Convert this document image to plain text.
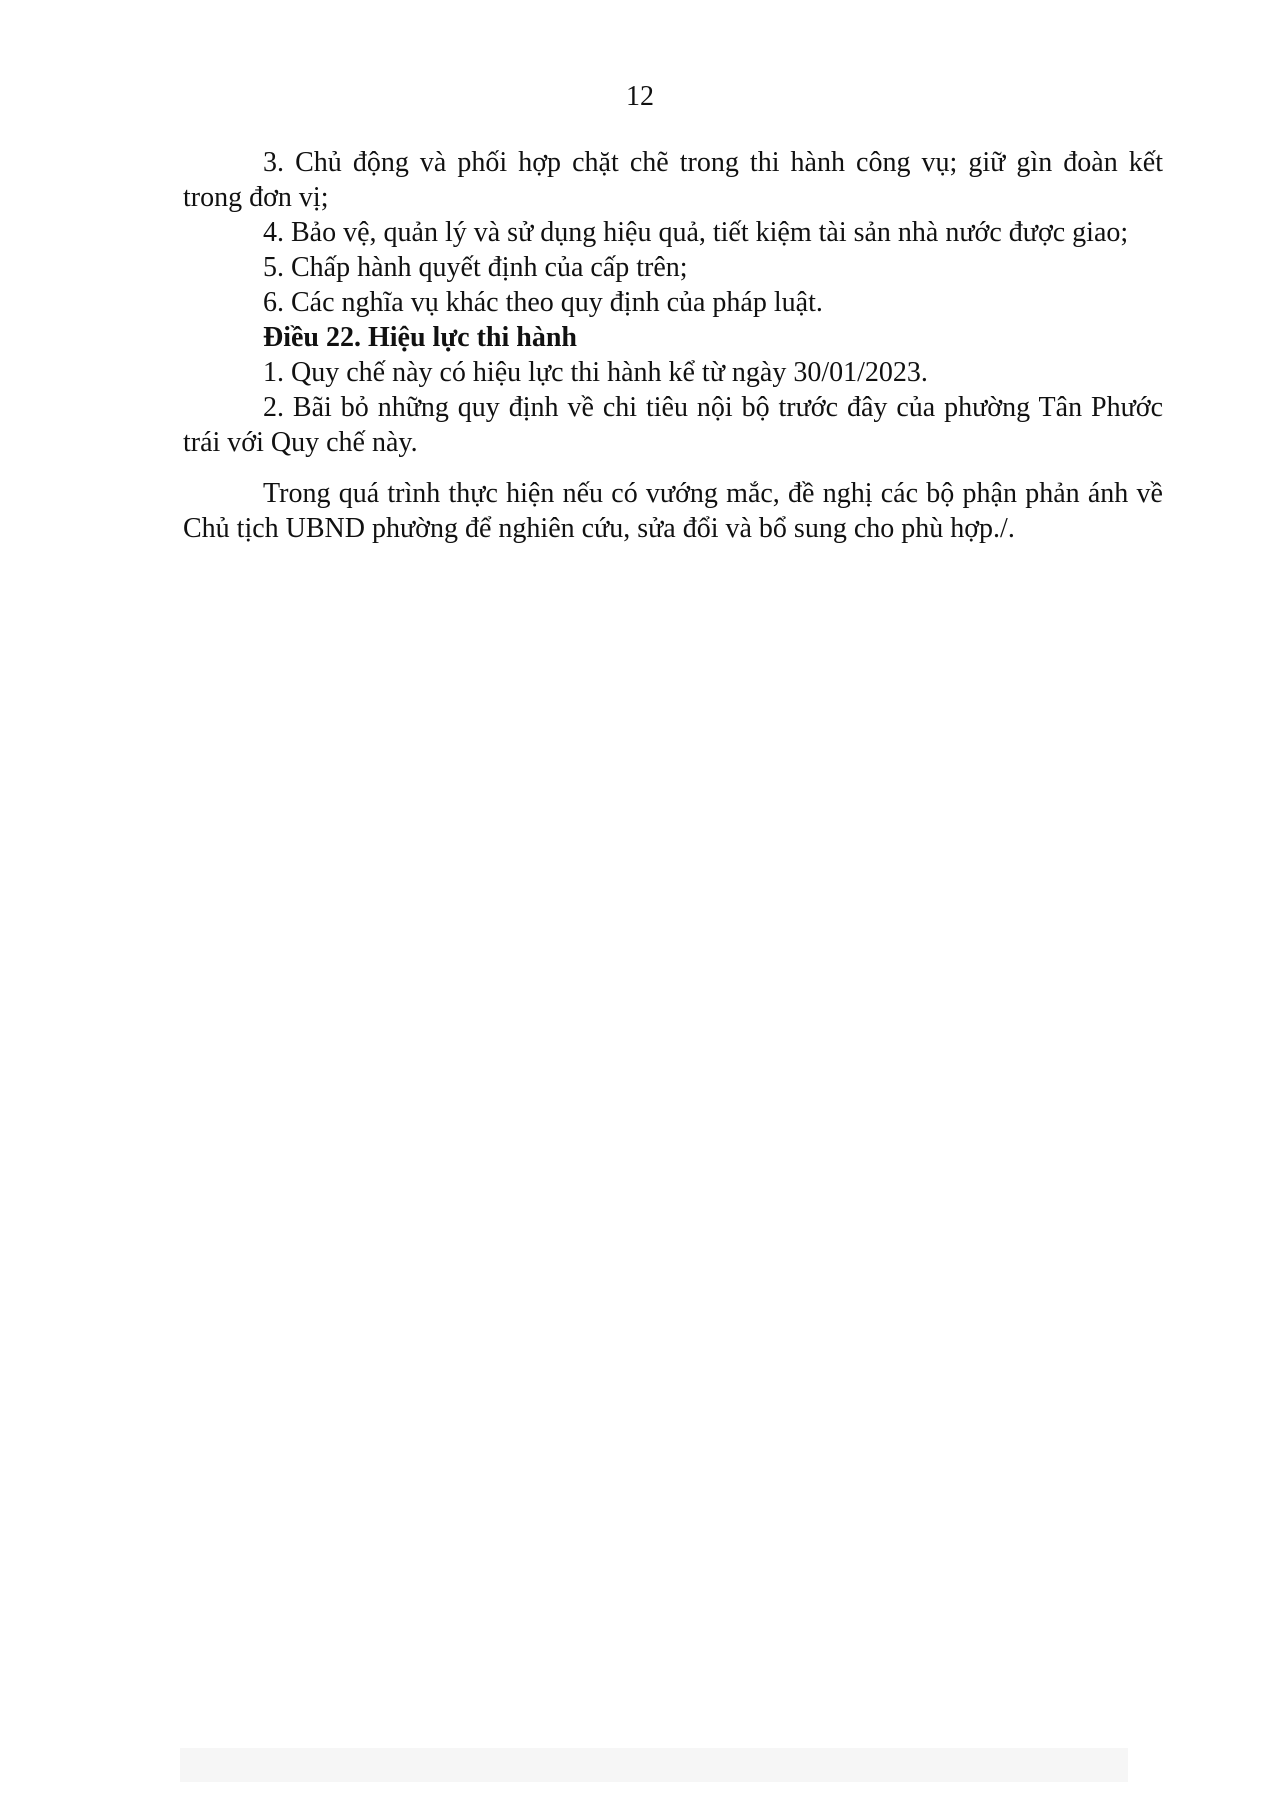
12

3. Chủ động và phối hợp chặt chẽ trong thi hành công vụ; giữ gìn đoàn kết trong đơn vị;

4. Bảo vệ, quản lý và sử dụng hiệu quả, tiết kiệm tài sản nhà nước được giao;

5. Chấp hành quyết định của cấp trên;

6. Các nghĩa vụ khác theo quy định của pháp luật.

Điều 22. Hiệu lực thi hành

1. Quy chế này có hiệu lực thi hành kể từ ngày 30/01/2023.

2. Bãi bỏ những quy định về chi tiêu nội bộ trước đây của phường Tân Phước trái với Quy chế này.

Trong quá trình thực hiện nếu có vướng mắc, đề nghị các bộ phận phản ánh về Chủ tịch UBND phường để nghiên cứu, sửa đổi và bổ sung cho phù hợp./.
